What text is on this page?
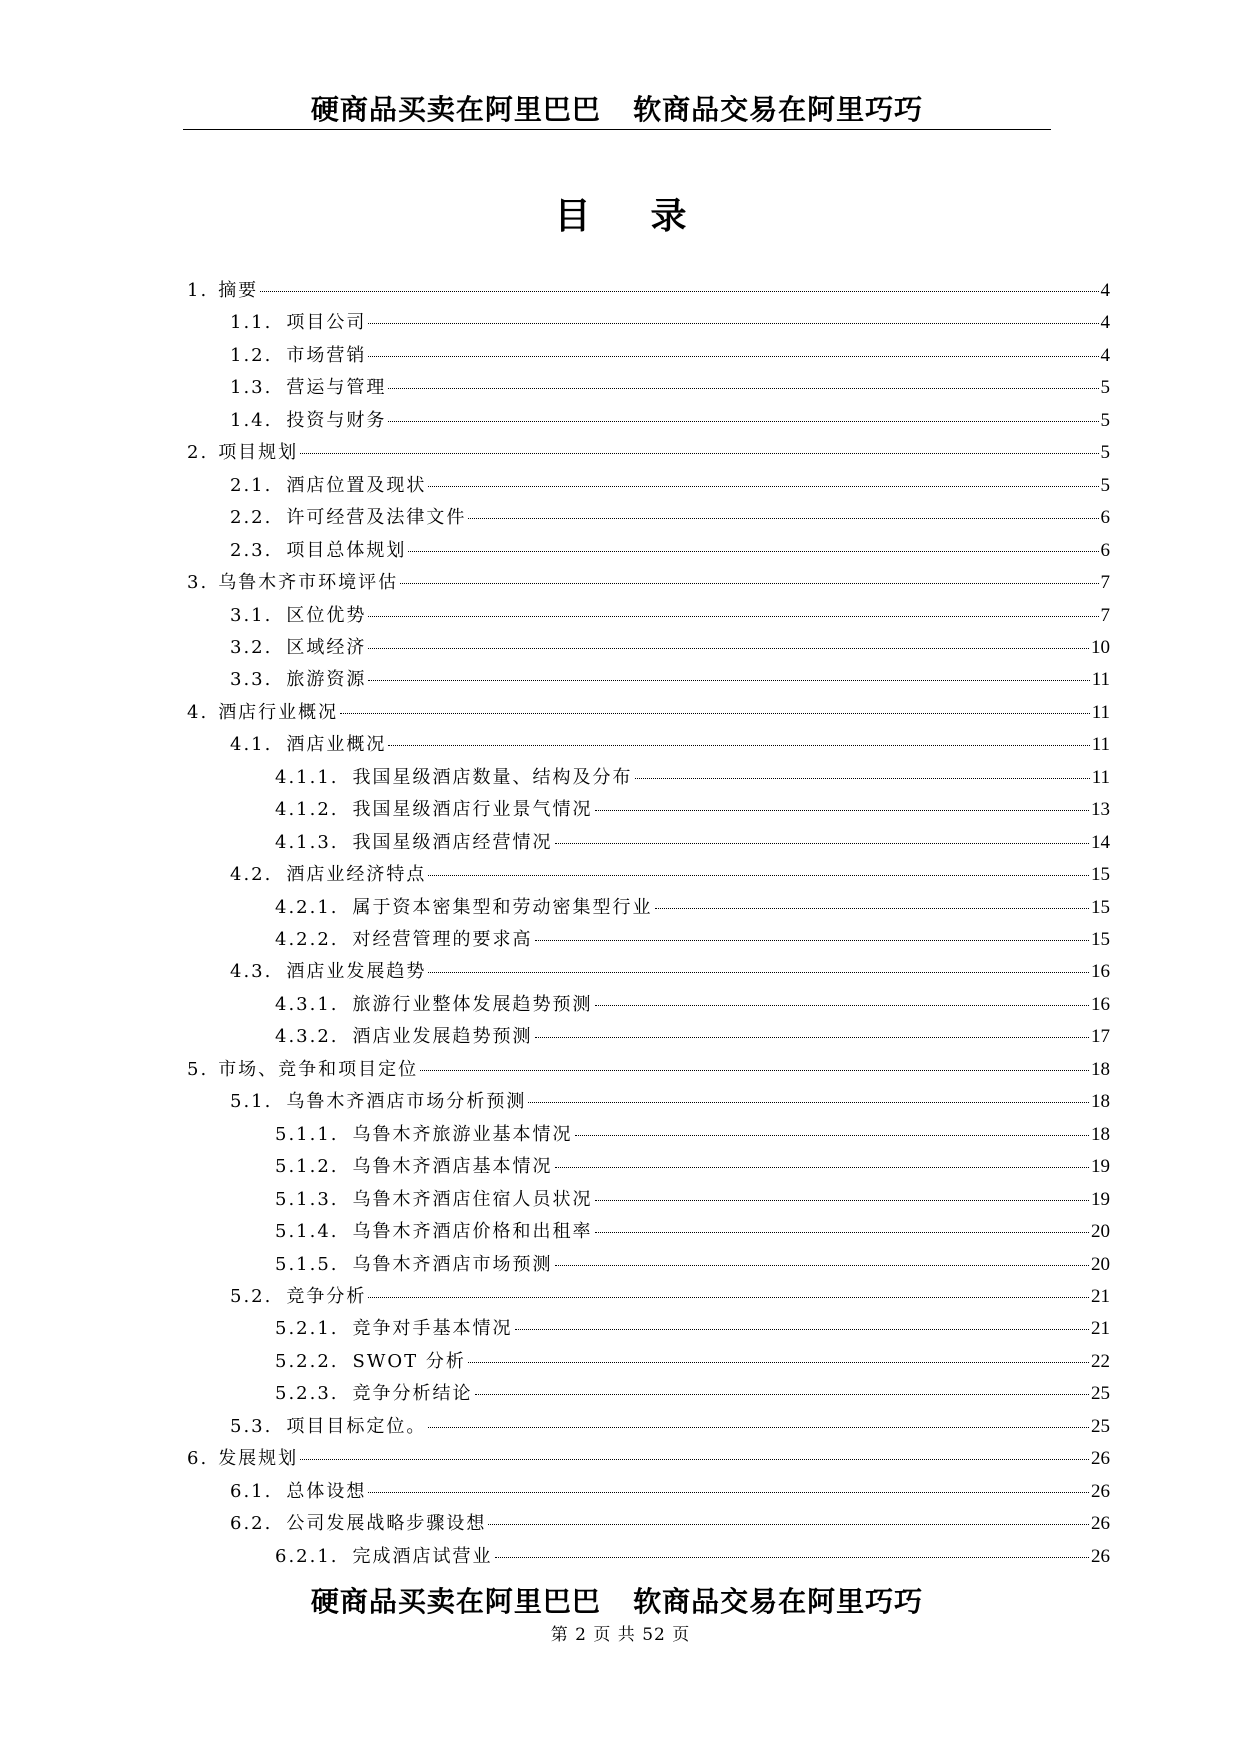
硬商品买卖在阿里巴巴   软商品交易在阿里巧巧
目录
1. 摘要	4
1.1. 项目公司	4
1.2. 市场营销	4
1.3. 营运与管理	5
1.4. 投资与财务	5
2. 项目规划	5
2.1. 酒店位置及现状	5
2.2. 许可经营及法律文件	6
2.3. 项目总体规划	6
3. 乌鲁木齐市环境评估	7
3.1. 区位优势	7
3.2. 区域经济	10
3.3. 旅游资源	11
4. 酒店行业概况	11
4.1. 酒店业概况	11
4.1.1. 我国星级酒店数量、结构及分布	11
4.1.2. 我国星级酒店行业景气情况	13
4.1.3. 我国星级酒店经营情况	14
4.2. 酒店业经济特点	15
4.2.1. 属于资本密集型和劳动密集型行业	15
4.2.2. 对经营管理的要求高	15
4.3. 酒店业发展趋势	16
4.3.1. 旅游行业整体发展趋势预测	16
4.3.2. 酒店业发展趋势预测	17
5. 市场、竞争和项目定位	18
5.1. 乌鲁木齐酒店市场分析预测	18
5.1.1. 乌鲁木齐旅游业基本情况	18
5.1.2. 乌鲁木齐酒店基本情况	19
5.1.3. 乌鲁木齐酒店住宿人员状况	19
5.1.4. 乌鲁木齐酒店价格和出租率	20
5.1.5. 乌鲁木齐酒店市场预测	20
5.2. 竞争分析	21
5.2.1. 竞争对手基本情况	21
5.2.2. SWOT 分析	22
5.2.3. 竞争分析结论	25
5.3. 项目目标定位。	25
6. 发展规划	26
6.1. 总体设想	26
6.2. 公司发展战略步骤设想	26
6.2.1. 完成酒店试营业	26
硬商品买卖在阿里巴巴   软商品交易在阿里巧巧
第 2 页 共 52 页
